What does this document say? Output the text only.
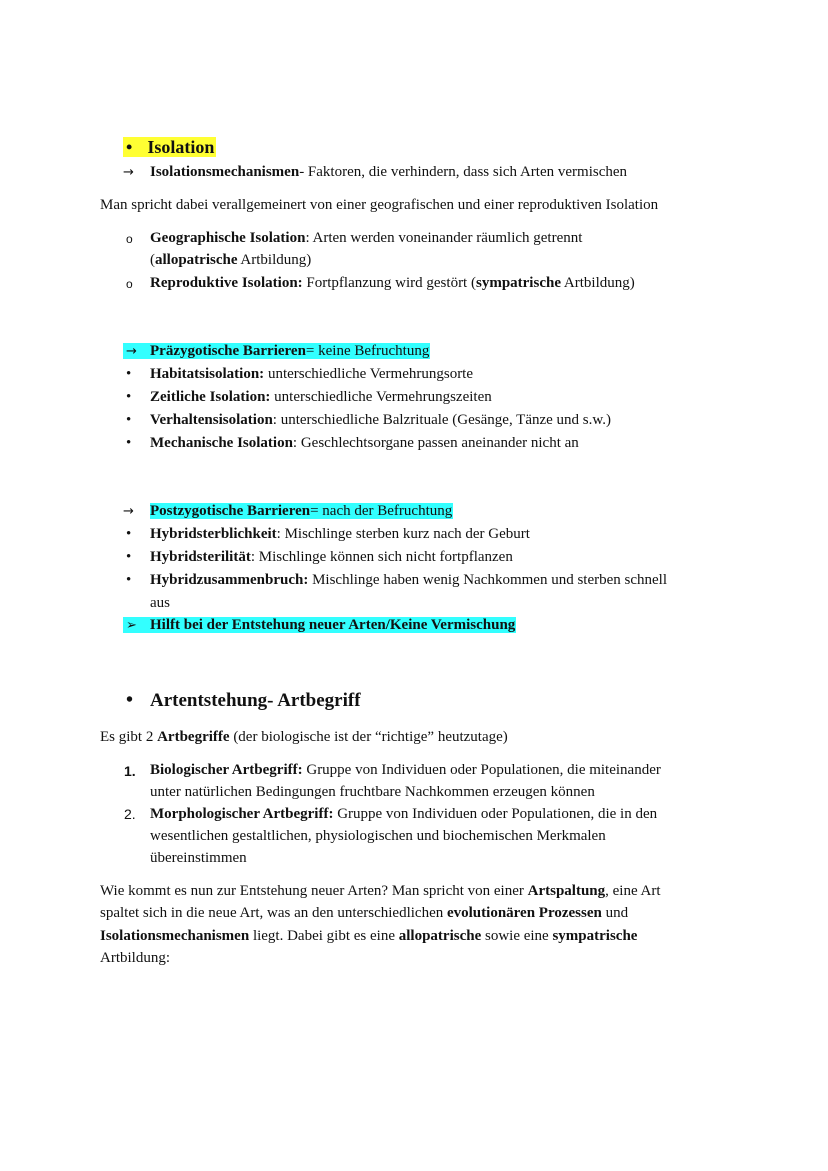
• Isolation
→ Isolationsmechanismen- Faktoren, die verhindern, dass sich Arten vermischen
Man spricht dabei verallgemeinert von einer geografischen und einer reproduktiven Isolation
o Geographische Isolation: Arten werden voneinander räumlich getrennt
(allopatrische Artbildung)
o Reproduktive Isolation: Fortpflanzung wird gestört (sympatrische Artbildung)
→ Präzygotische Barrieren= keine Befruchtung
• Habitatsisolation: unterschiedliche Vermehrungsorte
• Zeitliche Isolation: unterschiedliche Vermehrungszeiten
• Verhaltensisolation: unterschiedliche Balzrituale (Gesänge, Tänze und s.w.)
• Mechanische Isolation: Geschlechtsorgane passen aneinander nicht an
→ Postzygotische Barrieren= nach der Befruchtung
• Hybridsterblichkeit: Mischlinge sterben kurz nach der Geburt
• Hybridsterilität: Mischlinge können sich nicht fortpflanzen
• Hybridzusammenbruch: Mischlinge haben wenig Nachkommen und sterben schnell
aus
➢ Hilft bei der Entstehung neuer Arten/Keine Vermischung
• Artentstehung- Artbegriff
Es gibt 2 Artbegriffe (der biologische ist der “richtige” heutzutage)
1. Biologischer Artbegriff: Gruppe von Individuen oder Populationen, die miteinander
unter natürlichen Bedingungen fruchtbare Nachkommen erzeugen können
2. Morphologischer Artbegriff: Gruppe von Individuen oder Populationen, die in den
wesentlichen gestaltlichen, physiologischen und biochemischen Merkmalen
übereinstimmen
Wie kommt es nun zur Entstehung neuer Arten? Man spricht von einer Artspaltung, eine Art
spaltet sich in die neue Art, was an den unterschiedlichen evolutionären Prozessen und
Isolationsmechanismen liegt. Dabei gibt es eine allopatrische sowie eine sympatrische
Artbildung:
